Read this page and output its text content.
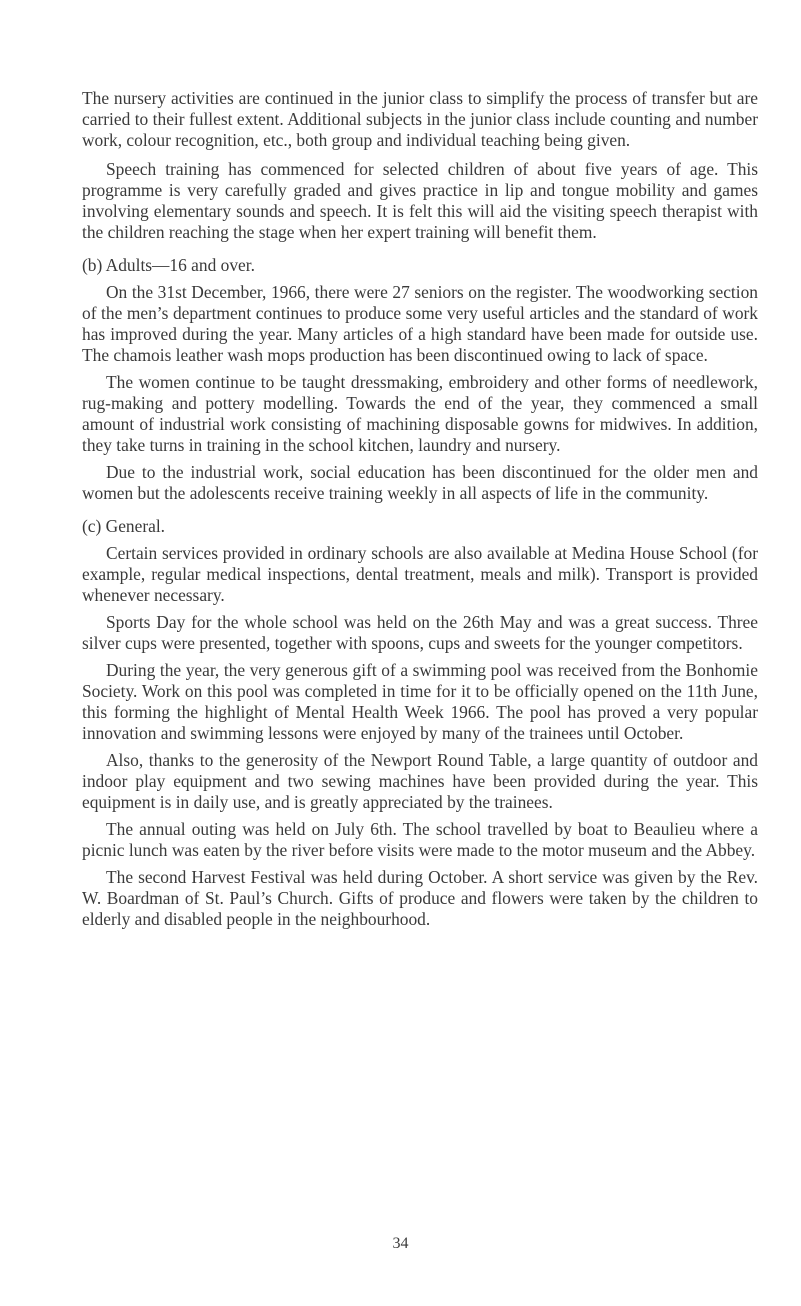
The nursery activities are continued in the junior class to simplify the process of transfer but are carried to their fullest extent. Additional subjects in the junior class include counting and number work, colour recognition, etc., both group and individual teaching being given.

Speech training has commenced for selected children of about five years of age. This programme is very carefully graded and gives practice in lip and tongue mobility and games involving elementary sounds and speech. It is felt this will aid the visiting speech therapist with the children reaching the stage when her expert training will benefit them.

(b) Adults—16 and over.

On the 31st December, 1966, there were 27 seniors on the register. The woodworking section of the men’s department continues to produce some very useful articles and the standard of work has improved during the year. Many articles of a high standard have been made for outside use. The chamois leather wash mops production has been discontinued owing to lack of space.

The women continue to be taught dressmaking, embroidery and other forms of needlework, rug-making and pottery modelling. Towards the end of the year, they commenced a small amount of industrial work consisting of machining disposable gowns for midwives. In addition, they take turns in training in the school kitchen, laundry and nursery.

Due to the industrial work, social education has been discontinued for the older men and women but the adolescents receive training weekly in all aspects of life in the community.

(c) General.

Certain services provided in ordinary schools are also available at Medina House School (for example, regular medical inspections, dental treatment, meals and milk). Transport is provided whenever necessary.

Sports Day for the whole school was held on the 26th May and was a great success. Three silver cups were presented, together with spoons, cups and sweets for the younger competitors.

During the year, the very generous gift of a swimming pool was received from the Bonhomie Society. Work on this pool was completed in time for it to be officially opened on the 11th June, this forming the highlight of Mental Health Week 1966. The pool has proved a very popular innovation and swimming lessons were enjoyed by many of the trainees until October.

Also, thanks to the generosity of the Newport Round Table, a large quantity of outdoor and indoor play equipment and two sewing machines have been provided during the year. This equipment is in daily use, and is greatly appreciated by the trainees.

The annual outing was held on July 6th. The school travelled by boat to Beaulieu where a picnic lunch was eaten by the river before visits were made to the motor museum and the Abbey.

The second Harvest Festival was held during October. A short service was given by the Rev. W. Boardman of St. Paul’s Church. Gifts of produce and flowers were taken by the children to elderly and disabled people in the neighbourhood.

34
